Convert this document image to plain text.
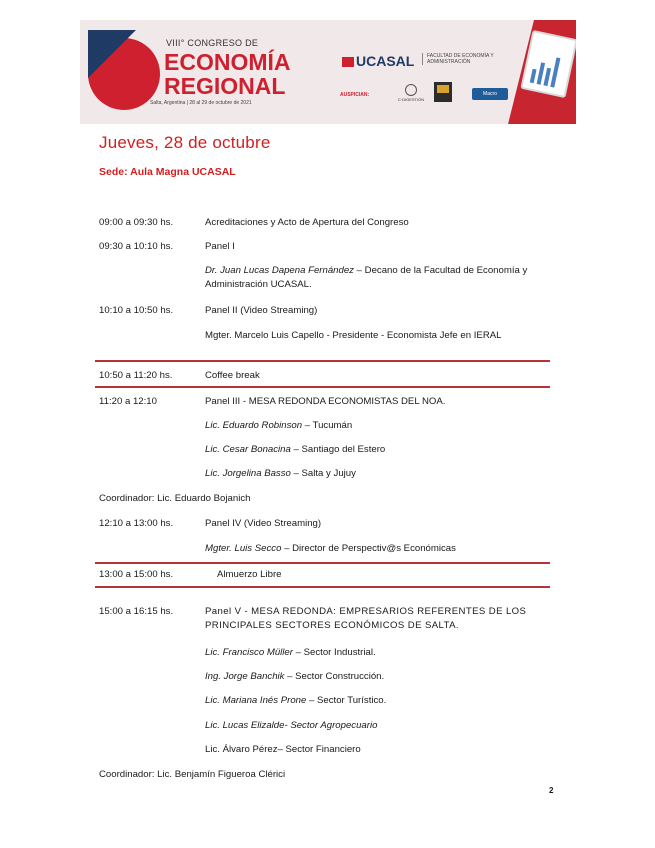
VIII° CONGRESO DE
ECONOMÍA
REGIONAL
Salta, Argentina | 28 al 29 de octubre de 2021
UCASAL	FACULTAD DE ECONOMÍA Y ADMINISTRACIÓN
AUSPICIAN:
C·DIGESTIÓN
Macro
Jueves, 28 de octubre
Sede: Aula Magna UCASAL
09:00 a 09:30 hs.	Acreditaciones y Acto de Apertura del Congreso
09:30 a 10:10 hs.	Panel I
Dr. Juan Lucas Dapena Fernández – Decano de la Facultad de Economía y Administración UCASAL.
10:10 a 10:50 hs.	Panel II (Video Streaming)
Mgter. Marcelo Luis Capello - Presidente - Economista Jefe en IERAL
10:50 a 11:20 hs.	Coffee break
11:20 a 12:10	Panel III - MESA REDONDA ECONOMISTAS DEL NOA.
Lic. Eduardo Robinson – Tucumán
Lic. Cesar Bonacina – Santiago del Estero
Lic. Jorgelina Basso – Salta y Jujuy
Coordinador: Lic. Eduardo Bojanich
12:10 a 13:00 hs.	Panel IV (Video Streaming)
Mgter. Luis Secco – Director de Perspectiv@s Económicas
13:00 a 15:00 hs.	Almuerzo Libre
15:00 a 16:15 hs.	Panel V - MESA REDONDA: EMPRESARIOS REFERENTES DE LOS PRINCIPALES SECTORES ECONÓMICOS DE SALTA.
Lic. Francisco Müller – Sector Industrial.
Ing. Jorge Banchik – Sector Construcción.
Lic. Mariana Inés Prone – Sector Turístico.
Lic. Lucas Elizalde- Sector Agropecuario
Lic. Álvaro Pérez– Sector Financiero
Coordinador: Lic. Benjamín Figueroa Clérici
2
